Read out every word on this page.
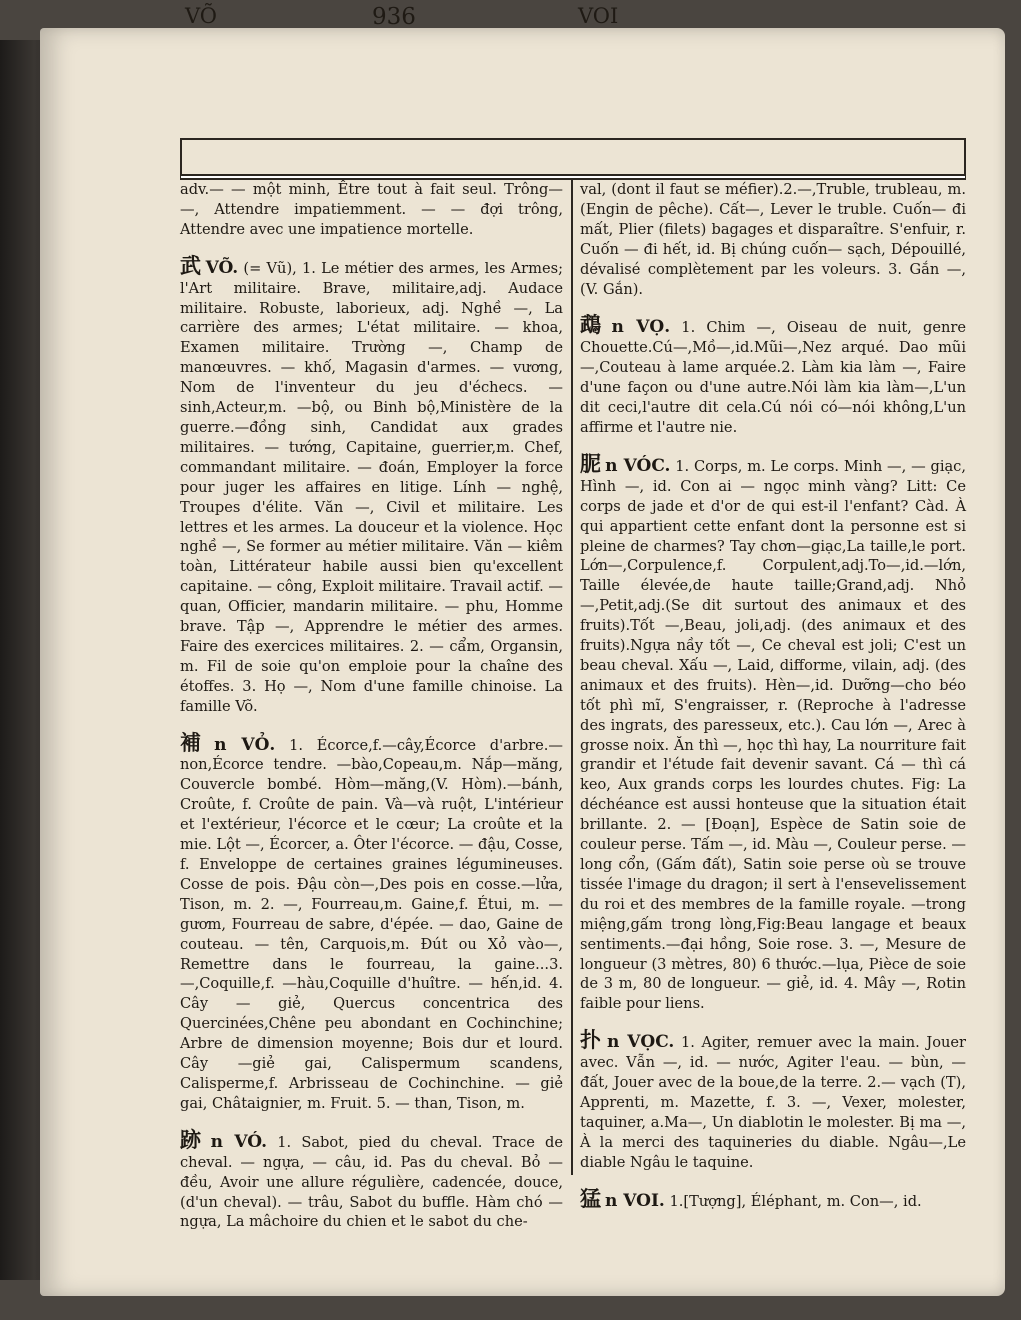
VÕ	936	VOI

adv.— — một minh, Être tout à fait seul. Trông— —, Attendre impatiemment. — — đợi trông, Attendre avec une impatience mortelle.

武 VÕ. (= Vũ), 1. Le métier des armes, les Armes; l'Art militaire. Brave, militaire,adj. Audace militaire. Robuste, laborieux, adj. Nghề —, La carrière des armes; L'état militaire. — khoa, Examen militaire. Trường —, Champ de manœuvres. — khố, Magasin d'armes. — vương, Nom de l'inventeur du jeu d'échecs. —sinh,Acteur,m. —bộ, ou Binh bộ,Ministère de la guerre.—đồng sinh, Candidat aux grades militaires. — tướng, Capitaine, guerrier,m. Chef, commandant militaire. — đoán, Employer la force pour juger les affaires en litige. Lính — nghệ, Troupes d'élite. Văn —, Civil et militaire. Les lettres et les armes. La douceur et la violence. Học nghề —, Se former au métier militaire. Văn — kiêm toàn, Littérateur habile aussi bien qu'excellent capitaine. — công, Exploit militaire. Travail actif. — quan, Officier, mandarin militaire. — phu, Homme brave. Tập —, Apprendre le métier des armes. Faire des exercices militaires. 2. — cẩm, Organsin, m. Fil de soie qu'on emploie pour la chaîne des étoffes. 3. Họ —, Nom d'une famille chinoise. La famille Võ.

補 n VỎ. 1. Écorce,f.—cây,Écorce d'arbre.—non,Écorce tendre. —bào,Copeau,m. Nắp—măng, Couvercle bombé. Hòm—măng,(V. Hòm).—bánh, Croûte, f. Croûte de pain. Và—và ruột, L'intérieur et l'extérieur, l'écorce et le cœur; La croûte et la mie. Lột —, Écorcer, a. Ôter l'écorce. — đậu, Cosse, f. Enveloppe de certaines graines légumineuses. Cosse de pois. Đậu còn—,Des pois en cosse.—lửa, Tison, m. 2. —, Fourreau,m. Gaine,f. Étui, m. — gươm, Fourreau de sabre, d'épée. — dao, Gaine de couteau. — tên, Carquois,m. Đút ou Xỏ vào—, Remettre dans le fourreau, la gaine...3.—,Coquille,f. —hàu,Coquille d'huître. — hến,id. 4. Cây — giẻ, Quercus concentrica des Quercinées,Chêne peu abondant en Cochinchine; Arbre de dimension moyenne; Bois dur et lourd. Cây —giẻ gai, Calispermum scandens, Calisperme,f. Arbrisseau de Cochinchine. — giẻ gai, Châtaignier, m. Fruit. 5. — than, Tison, m.

跡 n VÓ. 1. Sabot, pied du cheval. Trace de cheval. — ngựa, — câu, id. Pas du cheval. Bỏ — đều, Avoir une allure régulière, cadencée, douce, (d'un cheval). — trâu, Sabot du buffle. Hàm chó — ngựa, La mâchoire du chien et le sabot du che-

val, (dont il faut se méfier).2.—,Truble, trubleau, m.(Engin de pêche). Cất—, Lever le truble. Cuốn— đi mất, Plier (filets) bagages et disparaître. S'enfuir, r. Cuốn — đi hết, id. Bị chúng cuốn— sạch, Dépouillé, dévalisé complètement par les voleurs. 3. Gắn —, (V. Gắn).

鵡 n VỌ. 1. Chim —, Oiseau de nuit, genre Chouette.Cú—,Mồ—,id.Mũi—,Nez arqué. Dao mũi —,Couteau à lame arquée.2. Làm kia làm —, Faire d'une façon ou d'une autre.Nói làm kia làm—,L'un dit ceci,l'autre dit cela.Cú nói có—nói không,L'un affirme et l'autre nie.

胒 n VÓC. 1. Corps, m. Le corps. Minh —, — giạc, Hình —, id. Con ai — ngọc minh vàng? Litt: Ce corps de jade et d'or de qui est-il l'enfant? Càd. À qui appartient cette enfant dont la personne est si pleine de charmes? Tay chơn—giạc,La taille,le port. Lớn—,Corpulence,f. Corpulent,adj.To—,id.—lớn, Taille élevée,de haute taille;Grand,adj. Nhỏ—,Petit,adj.(Se dit surtout des animaux et des fruits).Tốt —,Beau, joli,adj. (des animaux et des fruits).Ngựa nầy tốt —, Ce cheval est joli; C'est un beau cheval. Xấu —, Laid, difforme, vilain, adj. (des animaux et des fruits). Hèn—,id. Dưỡng—cho béo tốt phì mĩ, S'engraisser, r. (Reproche à l'adresse des ingrats, des paresseux, etc.). Cau lớn —, Arec à grosse noix. Ăn thì —, học thì hay, La nourriture fait grandir et l'étude fait devenir savant. Cá — thì cá keo, Aux grands corps les lourdes chutes. Fig: La déchéance est aussi honteuse que la situation était brillante. 2. — [Đoạn], Espèce de Satin soie de couleur perse. Tấm —, id. Màu —, Couleur perse. — long cổn, (Gấm đất), Satin soie perse où se trouve tissée l'image du dragon; il sert à l'ensevelissement du roi et des membres de la famille royale. —trong miệng,gấm trong lòng,Fig:Beau langage et beaux sentiments.—đại hồng, Soie rose. 3. —, Mesure de longueur (3 mètres, 80) 6 thước.—lụa, Pièce de soie de 3 m, 80 de longueur. — giẻ, id. 4. Mây —, Rotin faible pour liens.

扑 n VỌC. 1. Agiter, remuer avec la main. Jouer avec. Vẫn —, id. — nước, Agiter l'eau. — bùn, — đất, Jouer avec de la boue,de la terre. 2.— vạch (T), Apprenti, m. Mazette, f. 3. —, Vexer, molester, taquiner, a.Ma—, Un diablotin le molester. Bị ma —, À la merci des taquineries du diable. Ngâu—,Le diable Ngâu le taquine.

猛 n VOI. 1.[Tượng], Éléphant, m. Con—, id.
